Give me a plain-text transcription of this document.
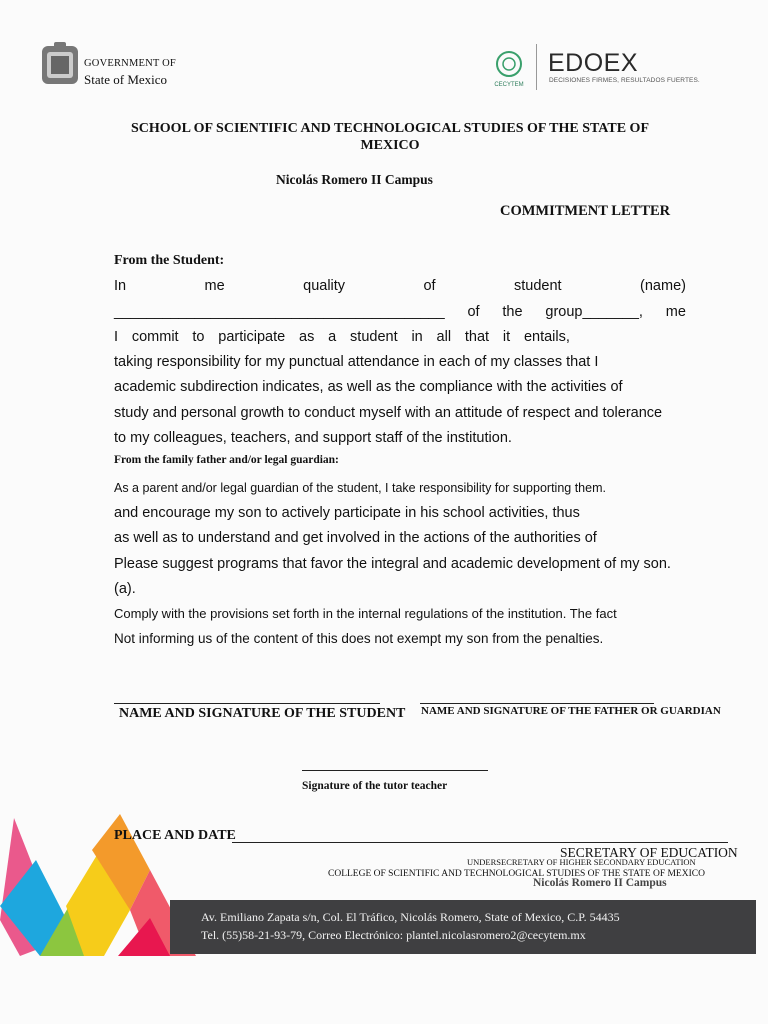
GOVERNMENT OF
State of Mexico	CECYTEM
EDOEX
DECISIONES FIRMES, RESULTADOS FUERTES.
SCHOOL OF SCIENTIFIC AND TECHNOLOGICAL STUDIES OF THE STATE OF MEXICO
Nicolás Romero II Campus
COMMITMENT LETTER
From the Student:
In	me	quality	of	student	(name)
_________________________________________ of the group_______, me
I commit to participate as a student in all that it entails,
taking responsibility for my punctual attendance in each of my classes that I
academic subdirection indicates, as well as the compliance with the activities of
study and personal growth to conduct myself with an attitude of respect and tolerance
to my colleagues, teachers, and support staff of the institution.
From the family father and/or legal guardian:
As a parent and/or legal guardian of the student, I take responsibility for supporting them.
and encourage my son to actively participate in his school activities, thus
as well as to understand and get involved in the actions of the authorities of
Please suggest programs that favor the integral and academic development of my son.
(a).
Comply with the provisions set forth in the internal regulations of the institution. The fact
Not informing us of the content of this does not exempt my son from the penalties.
NAME AND SIGNATURE OF THE STUDENT NAME AND SIGNATURE OF THE FATHER OR GUARDIAN
Signature of the tutor teacher
PLACE AND DATE
SECRETARY OF EDUCATION
UNDERSECRETARY OF HIGHER SECONDARY EDUCATION
COLLEGE OF SCIENTIFIC AND TECHNOLOGICAL STUDIES OF THE STATE OF MEXICO
Nicolás Romero II Campus
Av. Emiliano Zapata s/n, Col. El Tráfico, Nicolás Romero, State of Mexico, C.P. 54435
Tel. (55)58-21-93-79, Correo Electrónico: plantel.nicolasromero2@cecytem.mx
